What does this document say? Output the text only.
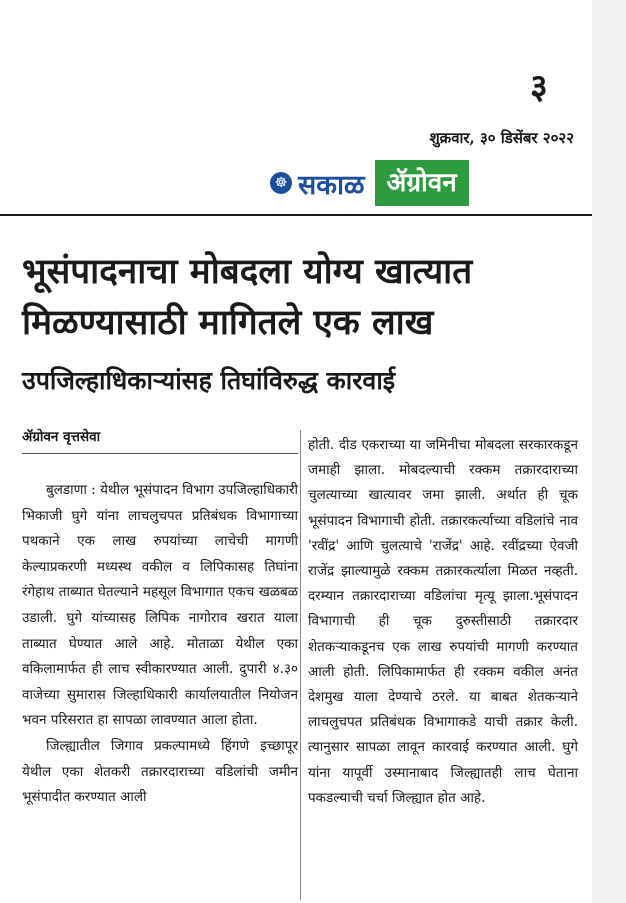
३
शुक्रवार, ३० डिसेंबर २०२२
☸ सकाळ ॲग्रोवन
भूसंपादनाचा मोबदला योग्य खात्यात
मिळण्यासाठी मागितले एक लाख
उपजिल्हाधिकाऱ्यांसह तिघांविरुद्ध कारवाई
ॲग्रोवन वृत्तसेवा

बुलडाणा : येथील भूसंपादन विभाग उपजिल्हाधिकारी भिकाजी घुगे यांना लाचलुचपत प्रतिबंधक विभागाच्या पथकाने एक लाख रुपयांच्या लाचेची मागणी केल्याप्रकरणी मध्यस्थ वकील व लिपिकासह तिघांना रंगेहाथ ताब्यात घेतल्याने महसूल विभागात एकच खळबळ उडाली. घुगे यांच्यासह लिपिक नागोराव खरात याला ताब्यात घेण्यात आले आहे. मोताळा येथील एका वकिलामार्फत ही लाच स्वीकारण्यात आली. दुपारी ४.३० वाजेच्या सुमारास जिल्हाधिकारी कार्यालयातील नियोजन भवन परिसरात हा सापळा लावण्यात आला होता.

जिल्ह्यातील जिगाव प्रकल्पामध्ये हिंगणे इच्छापूर येथील एका शेतकरी तक्रारदाराच्या वडिलांची जमीन भूसंपादीत करण्यात आली

होती. दीड एकराच्या या जमिनीचा मोबदला सरकारकडून जमाही झाला. मोबदल्याची रक्कम तक्रारदाराच्या चुलत्याच्या खात्यावर जमा झाली. अर्थात ही चूक भूसंपादन विभागाची होती. तक्रारकर्त्याच्या वडिलांचे नाव 'रवींद्र' आणि चुलत्याचे 'राजेंद्र' आहे. रवींद्रच्या ऐवजी राजेंद्र झाल्यामुळे रक्कम तक्रारकर्त्याला मिळत नव्हती. दरम्यान तक्रारदाराच्या वडिलांचा मृत्यू झाला.भूसंपादन विभागाची ही चूक दुरुस्तीसाठी तक्रारदार शेतकऱ्याकडूनच एक लाख रुपयांची मागणी करण्यात आली होती. लिपिकामार्फत ही रक्कम वकील अनंत देशमुख याला देण्याचे ठरले. या बाबत शेतकऱ्याने लाचलुचपत प्रतिबंधक विभागाकडे याची तक्रार केली. त्यानुसार सापळा लावून कारवाई करण्यात आली. घुगे यांना यापूर्वी उस्मानाबाद जिल्ह्यातही लाच घेताना पकडल्याची चर्चा जिल्ह्यात होत आहे.
